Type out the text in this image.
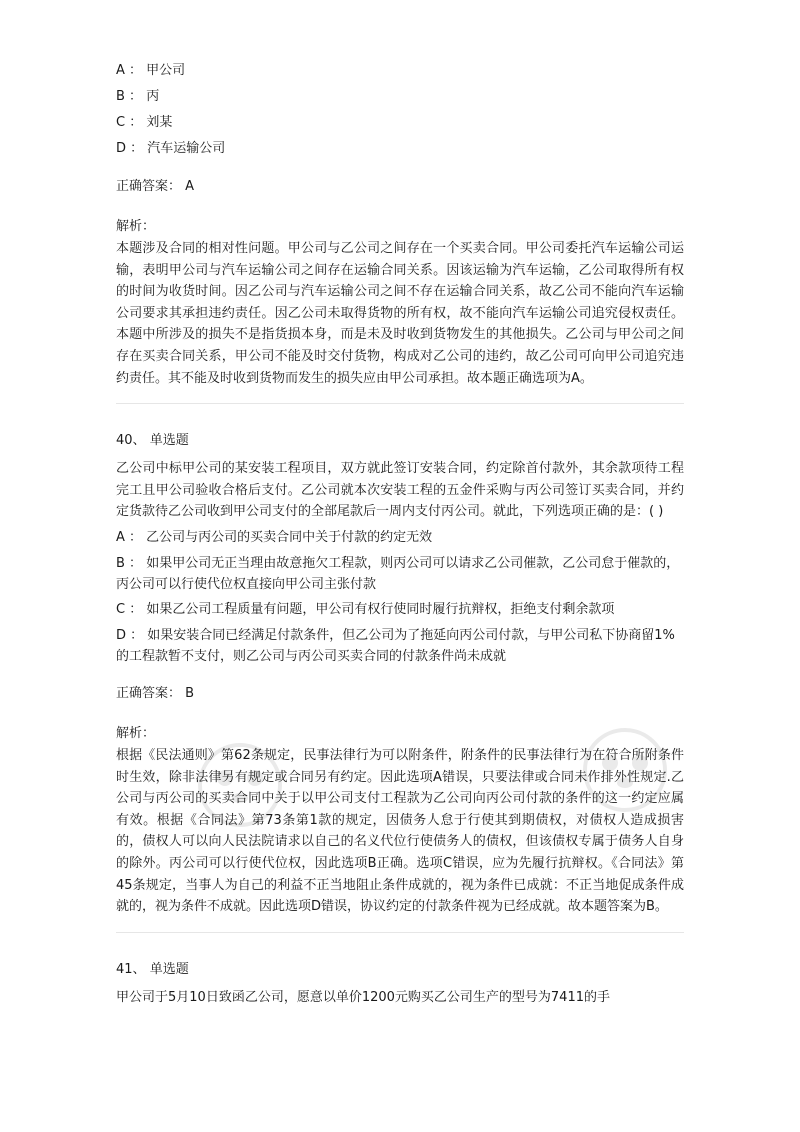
A ： 甲公司
B ： 丙
C ： 刘某
D ： 汽车运输公司
正确答案： A
解析：
本题涉及合同的相对性问题。甲公司与乙公司之间存在一个买卖合同。甲公司委托汽车运输公司运输，表明甲公司与汽车运输公司之间存在运输合同关系。因该运输为汽车运输，乙公司取得所有权的时间为收货时间。因乙公司与汽车运输公司之间不存在运输合同关系，故乙公司不能向汽车运输公司要求其承担违约责任。因乙公司未取得货物的所有权，故不能向汽车运输公司追究侵权责任。本题中所涉及的损失不是指货损本身，而是未及时收到货物发生的其他损失。乙公司与甲公司之间存在买卖合同关系，甲公司不能及时交付货物，构成对乙公司的违约，故乙公司可向甲公司追究违约责任。其不能及时收到货物而发生的损失应由甲公司承担。故本题正确选项为A。
40、 单选题
乙公司中标甲公司的某安装工程项目，双方就此签订安装合同，约定除首付款外，其余款项待工程完工且甲公司验收合格后支付。乙公司就本次安装工程的五金件采购与丙公司签订买卖合同，并约定货款待乙公司收到甲公司支付的全部尾款后一周内支付丙公司。就此，下列选项正确的是：( )
A ： 乙公司与丙公司的买卖合同中关于付款的约定无效
B ： 如果甲公司无正当理由故意拖欠工程款，则丙公司可以请求乙公司催款，乙公司怠于催款的，丙公司可以行使代位权直接向甲公司主张付款
C ： 如果乙公司工程质量有问题，甲公司有权行使同时履行抗辩权，拒绝支付剩余款项
D ： 如果安装合同已经满足付款条件，但乙公司为了拖延向丙公司付款，与甲公司私下协商留1%的工程款暂不支付，则乙公司与丙公司买卖合同的付款条件尚未成就
正确答案： B
解析：
根据《民法通则》第62条规定，民事法律行为可以附条件，附条件的民事法律行为在符合所附条件时生效，除非法律另有规定或合同另有约定。因此选项A错误，只要法律或合同未作排外性规定.乙公司与丙公司的买卖合同中关于以甲公司支付工程款为乙公司向丙公司付款的条件的这一约定应属有效。根据《合同法》第73条第1款的规定，因债务人怠于行使其到期债权，对债权人造成损害的，债权人可以向人民法院请求以自己的名义代位行使债务人的债权，但该债权专属于债务人自身的除外。丙公司可以行使代位权，因此选项B正确。选项C错误，应为先履行抗辩权。《合同法》第45条规定，当事人为自己的利益不正当地阻止条件成就的，视为条件已成就：不正当地促成条件成就的，视为条件不成就。因此选项D错误，协议约定的付款条件视为已经成就。故本题答案为B。
41、 单选题
甲公司于5月10日致函乙公司，愿意以单价1200元购买乙公司生产的型号为7411的手
